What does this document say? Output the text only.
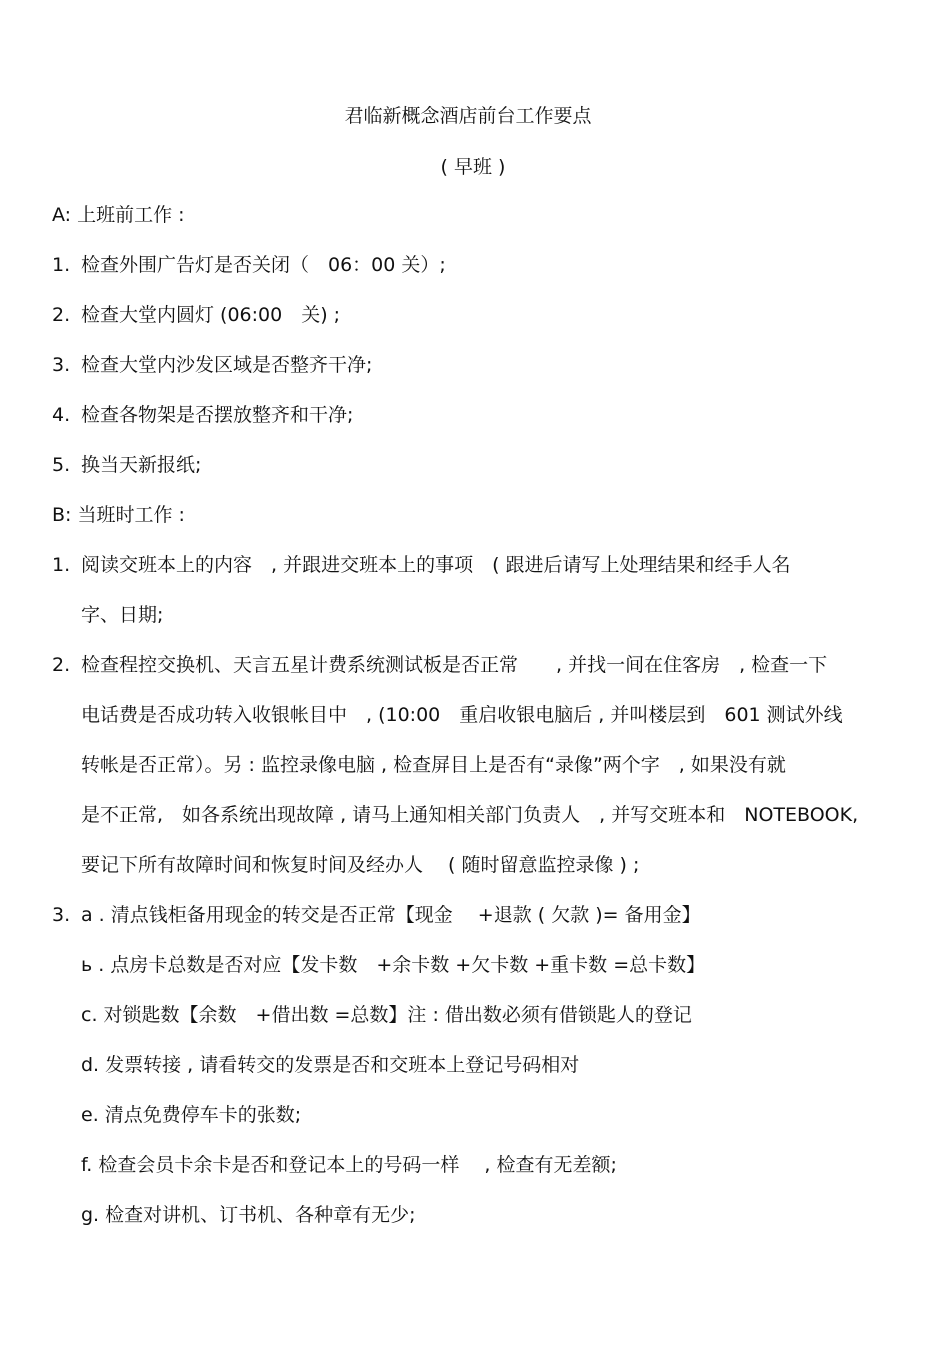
君临新概念酒店前台工作要点
( 早班 )
A: 上班前工作 :
1. 检查外围广告灯是否关闭（　06：00 关）;
2. 检查大堂内圆灯 (06:00　关) ;
3. 检查大堂内沙发区域是否整齐干净;
4. 检查各物架是否摆放整齐和干净;
5. 换当天新报纸;
B: 当班时工作 :
1. 阅读交班本上的内容　, 并跟进交班本上的事项　( 跟进后请写上处理结果和经手人名
字、日期;
2. 检查程控交换机、天言五星计费系统测试板是否正常　　, 并找一间在住客房　, 检查一下
电话费是否成功转入收银帐目中　, (10:00　重启收银电脑后 , 并叫楼层到　601 测试外线
转帐是否正常）。另 : 监控录像电脑 , 检查屏目上是否有“录像”两个字　, 如果没有就
是不正常,　如各系统出现故障 , 请马上通知相关部门负责人　, 并写交班本和　NOTEBOOK,
要记下所有故障时间和恢复时间及经办人　 ( 随时留意监控录像 ) ;
3. a . 清点钱柜备用现金的转交是否正常【现金　 +退款 ( 欠款 )= 备用金】
ь . 点房卡总数是否对应【发卡数　+余卡数 +欠卡数 +重卡数 =总卡数】
c. 对锁匙数【余数　+借出数 =总数】注 : 借出数必须有借锁匙人的登记
d. 发票转接 , 请看转交的发票是否和交班本上登记号码相对
e. 清点免费停车卡的张数;
f. 检查会员卡余卡是否和登记本上的号码一样　 , 检查有无差额;
g. 检查对讲机、订书机、各种章有无少;
